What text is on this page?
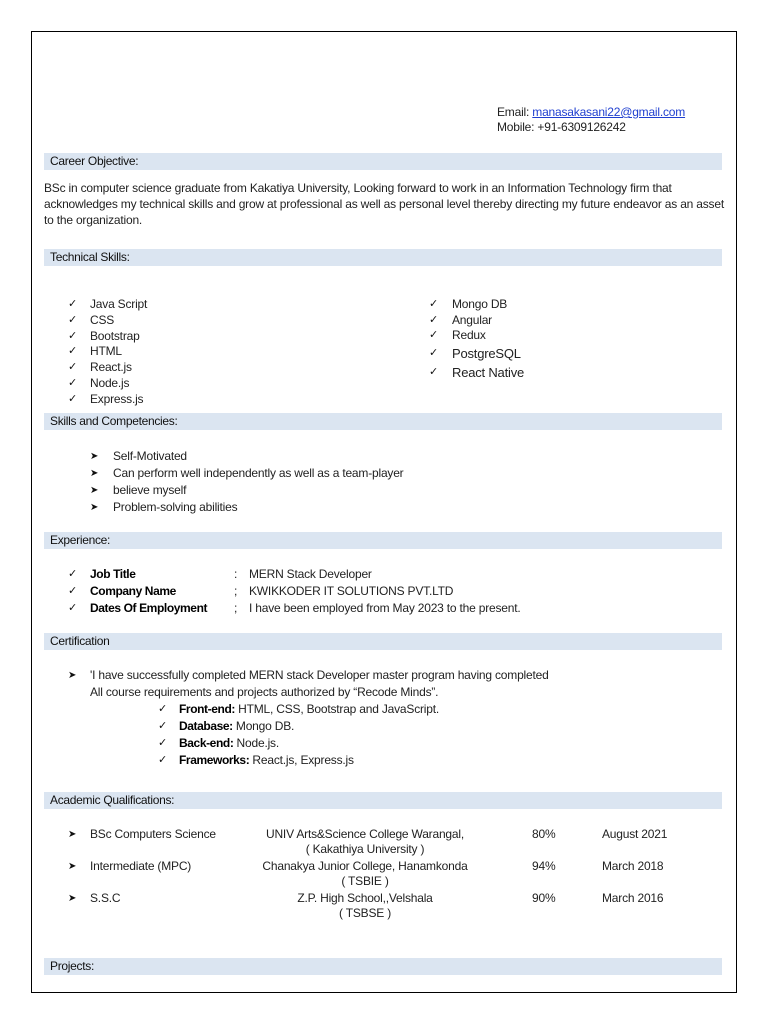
Email: manasakasani22@gmail.com
Mobile: +91-6309126242
Career Objective:
BSc in computer science graduate from Kakatiya University, Looking forward to work in an Information Technology firm that acknowledges my technical skills and grow at professional as well as personal level thereby directing my future endeavor as an asset to the organization.
Technical Skills:
✓ Java Script
✓ CSS
✓ Bootstrap
✓ HTML
✓ React.js
✓ Node.js
✓ Express.js
✓ Mongo DB
✓ Angular
✓ Redux
✓ PostgreSQL
✓ React Native
Skills and Competencies:
➤ Self-Motivated
➤ Can perform well independently as well as a team-player
➤ believe myself
➤ Problem-solving abilities
Experience:
✓ Job Title	: MERN Stack Developer
✓ Company Name	; KWIKKODER IT SOLUTIONS PVT.LTD
✓ Dates Of Employment ; I have been employed from May 2023 to the present.
Certification
➤ 'I have successfully completed MERN stack Developer master program having completed
All course requirements and projects authorized by “Recode Minds”.
✓ Front-end: HTML, CSS, Bootstrap and JavaScript.
✓ Database: Mongo DB.
✓ Back-end: Node.js.
✓ Frameworks: React.js, Express.js
Academic Qualifications:
➤ BSc Computers Science	UNIV Arts&Science College Warangal,
( Kakathiya University )
80%	August 2021
➤ Intermediate (MPC)	Chanakya Junior College, Hanamkonda
( TSBIE )
94%	March 2018
➤ S.S.C	Z.P. High School,,Velshala
( TSBSE )
90%	March 2016
Projects:
